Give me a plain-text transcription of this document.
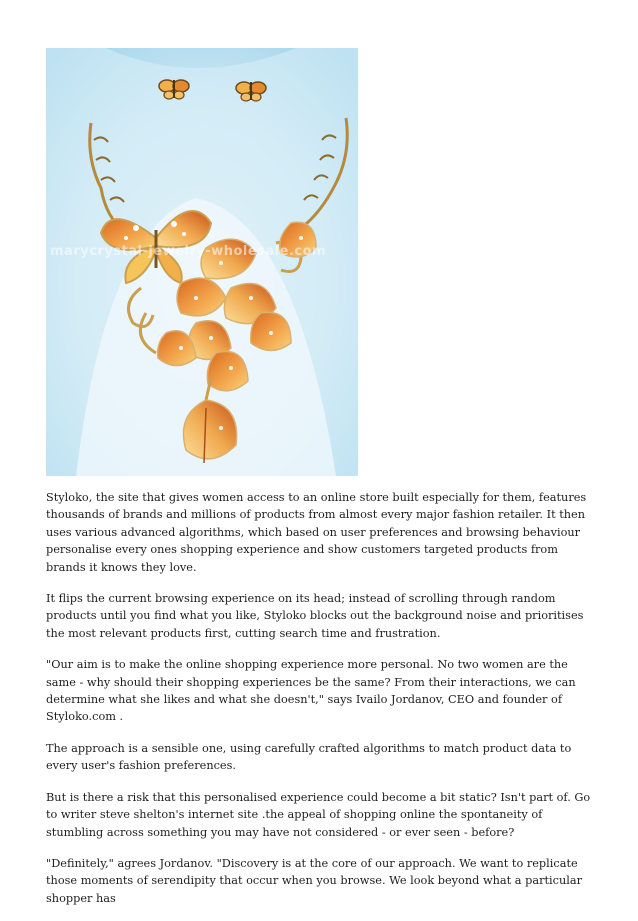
marycrystal-jewelry-wholesale.com

Styloko, the site that gives women access to an online store built especially for them, features thousands of brands and millions of products from almost every major fashion retailer. It then uses various advanced algorithms, which based on user preferences and browsing behaviour personalise every ones shopping experience and show customers targeted products from brands it knows they love.

It flips the current browsing experience on its head; instead of scrolling through random products until you find what you like, Styloko blocks out the background noise and prioritises the most relevant products first, cutting search time and frustration.

"Our aim is to make the online shopping experience more personal. No two women are the same - why should their shopping experiences be the same? From their interactions, we can determine what she likes and what she doesn't," says Ivailo Jordanov, CEO and founder of Styloko.com .

The approach is a sensible one, using carefully crafted algorithms to match product data to every user's fashion preferences.

But is there a risk that this personalised experience could become a bit static? Isn't part of. Go to writer steve shelton's internet site .the appeal of shopping online the spontaneity of stumbling across something you may have not considered - or ever seen - before?

"Definitely," agrees Jordanov. "Discovery is at the core of our approach. We want to replicate those moments of serendipity that occur when you browse. We look beyond what a particular shopper has
